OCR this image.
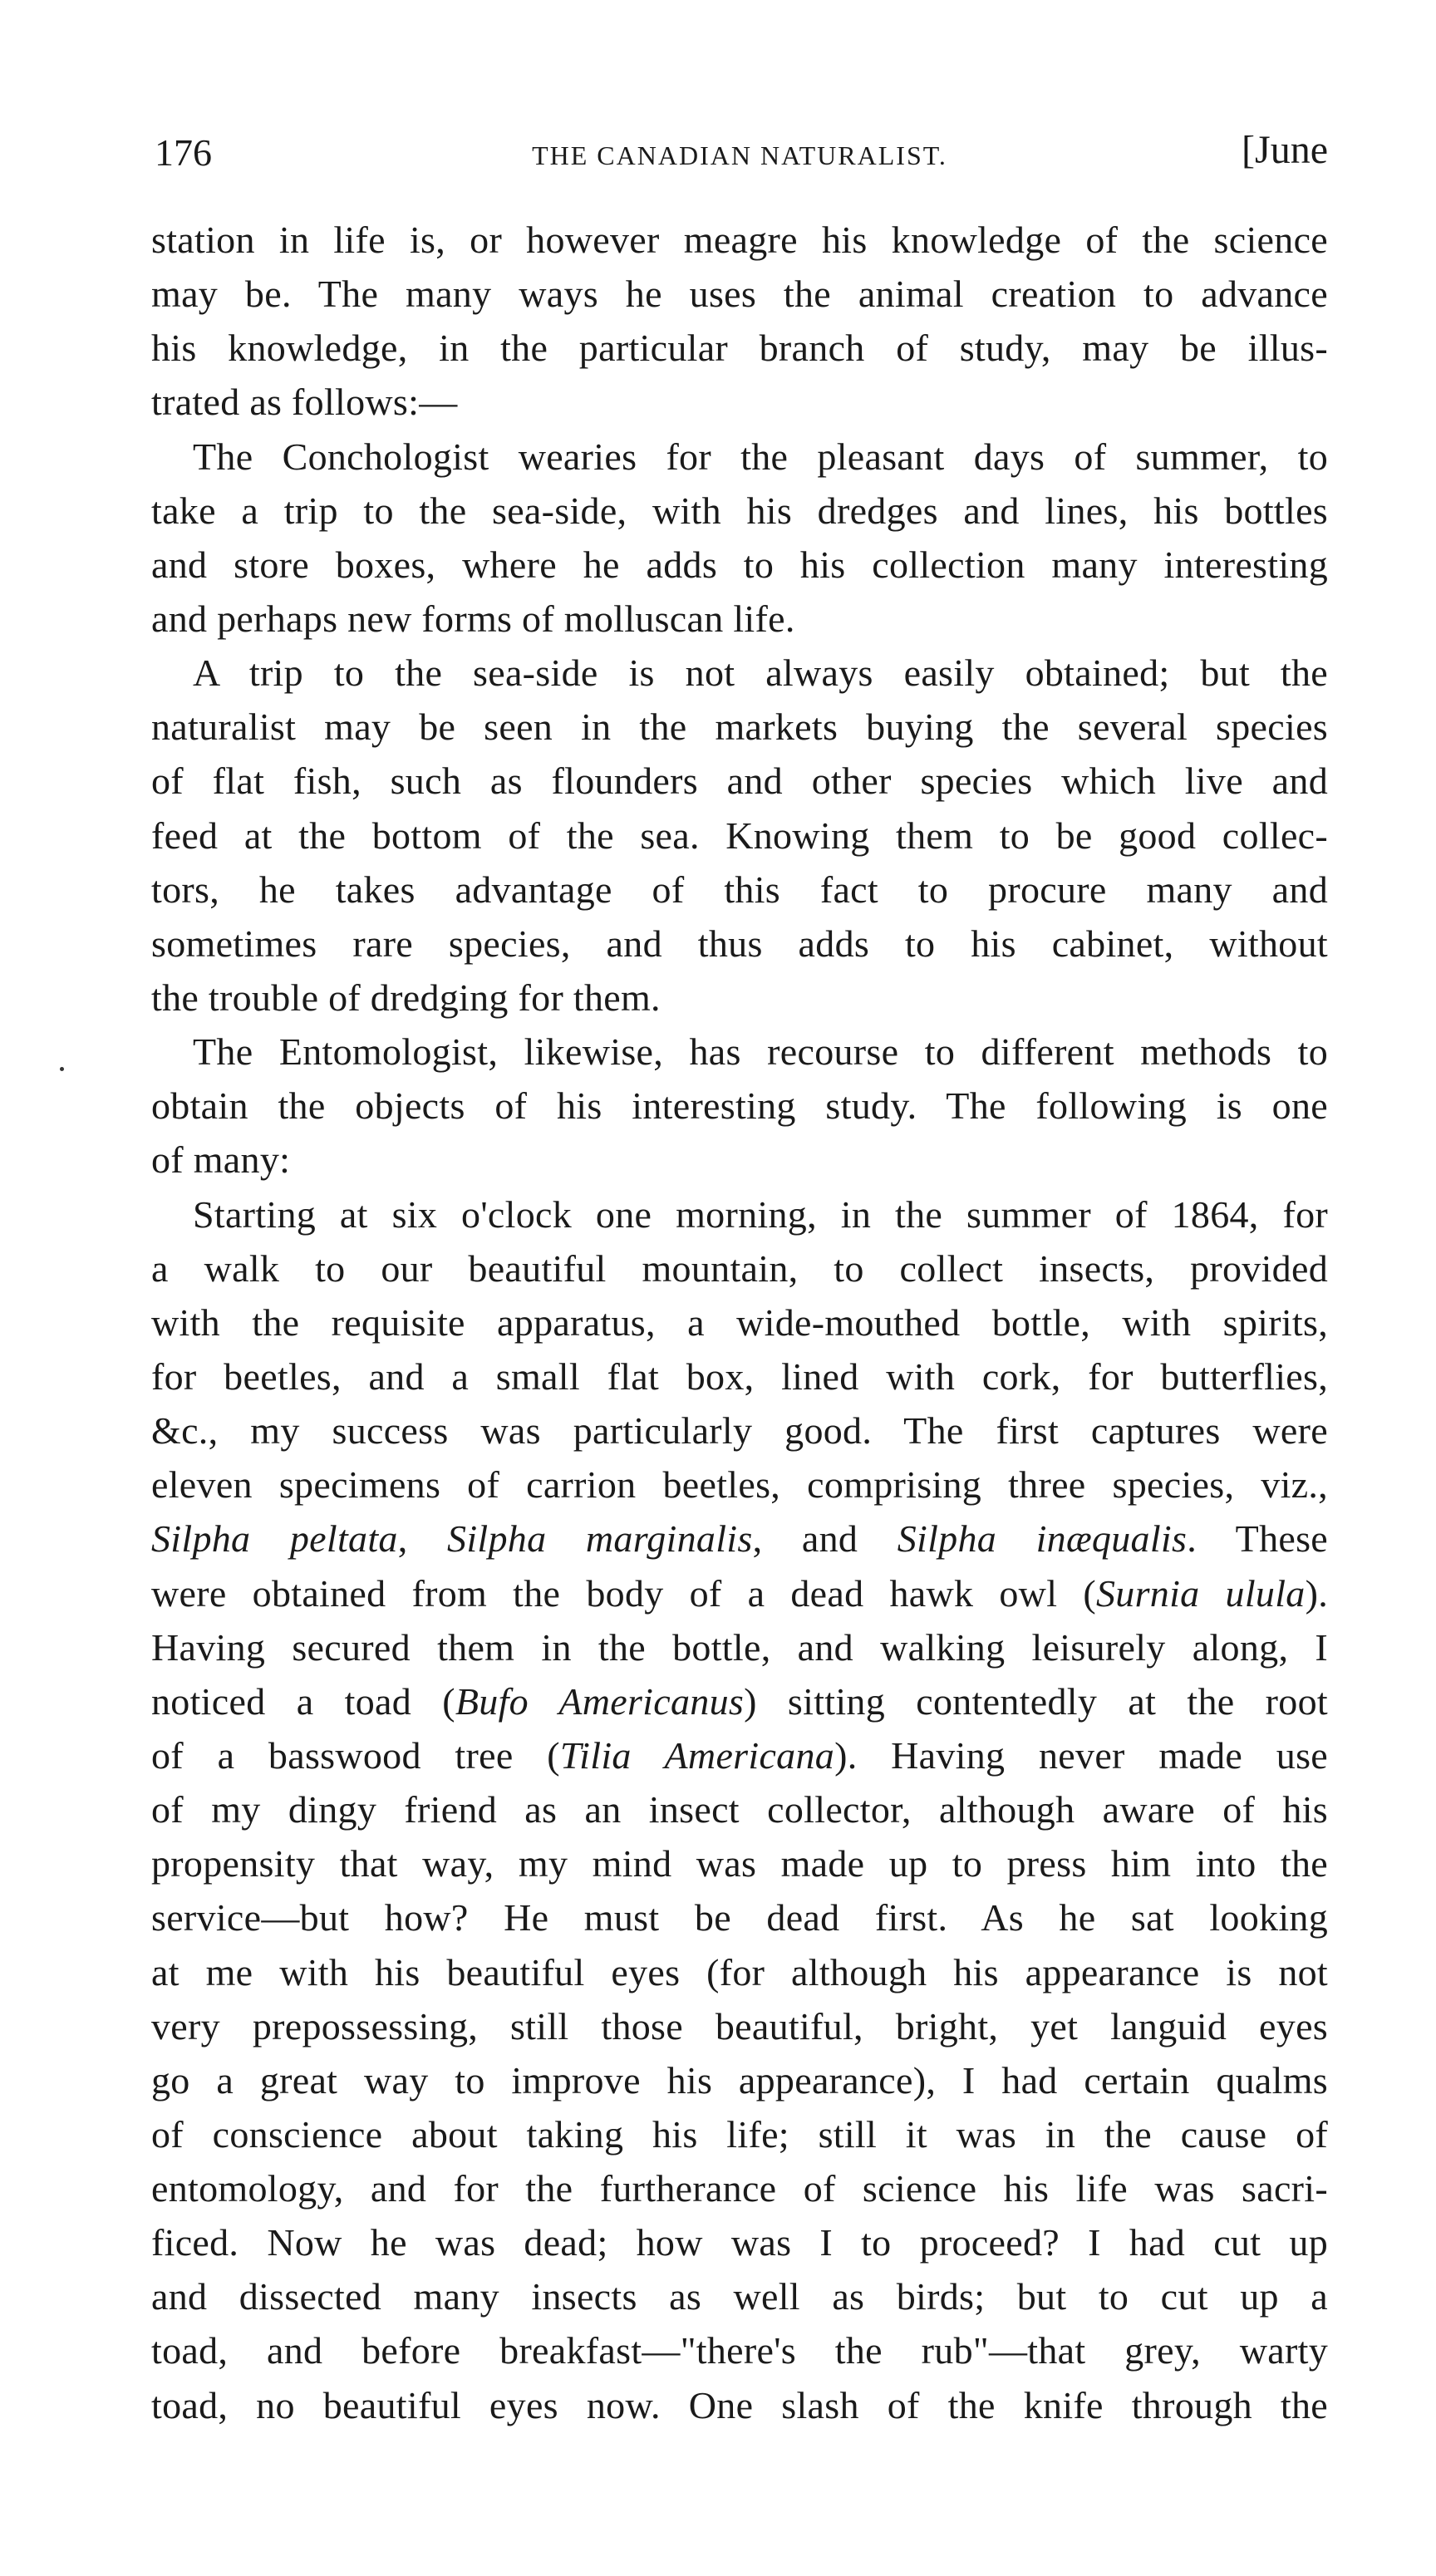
176	THE CANADIAN NATURALIST.	[June
station in life is, or however meagre his knowledge of the science
may be. The many ways he uses the animal creation to advance
his knowledge, in the particular branch of study, may be illus-
trated as follows:—
The Conchologist wearies for the pleasant days of summer, to
take a trip to the sea-side, with his dredges and lines, his bottles
and store boxes, where he adds to his collection many interesting
and perhaps new forms of molluscan life.
A trip to the sea-side is not always easily obtained; but the
naturalist may be seen in the markets buying the several species
of flat fish, such as flounders and other species which live and
feed at the bottom of the sea. Knowing them to be good collec-
tors, he takes advantage of this fact to procure many and
sometimes rare species, and thus adds to his cabinet, without
the trouble of dredging for them.
The Entomologist, likewise, has recourse to different methods to
obtain the objects of his interesting study. The following is one
of many:
Starting at six o'clock one morning, in the summer of 1864, for
a walk to our beautiful mountain, to collect insects, provided
with the requisite apparatus, a wide-mouthed bottle, with spirits,
for beetles, and a small flat box, lined with cork, for butterflies,
&c., my success was particularly good. The first captures were
eleven specimens of carrion beetles, comprising three species, viz.,
Silpha peltata, Silpha marginalis, and Silpha inæqualis. These
were obtained from the body of a dead hawk owl (Surnia ulula).
Having secured them in the bottle, and walking leisurely along, I
noticed a toad (Bufo Americanus) sitting contentedly at the root
of a basswood tree (Tilia Americana). Having never made use
of my dingy friend as an insect collector, although aware of his
propensity that way, my mind was made up to press him into the
service—but how? He must be dead first. As he sat looking
at me with his beautiful eyes (for although his appearance is not
very prepossessing, still those beautiful, bright, yet languid eyes
go a great way to improve his appearance), I had certain qualms
of conscience about taking his life; still it was in the cause of
entomology, and for the furtherance of science his life was sacri-
ficed. Now he was dead; how was I to proceed? I had cut up
and dissected many insects as well as birds; but to cut up a
toad, and before breakfast—"there's the rub"—that grey, warty
toad, no beautiful eyes now. One slash of the knife through the
